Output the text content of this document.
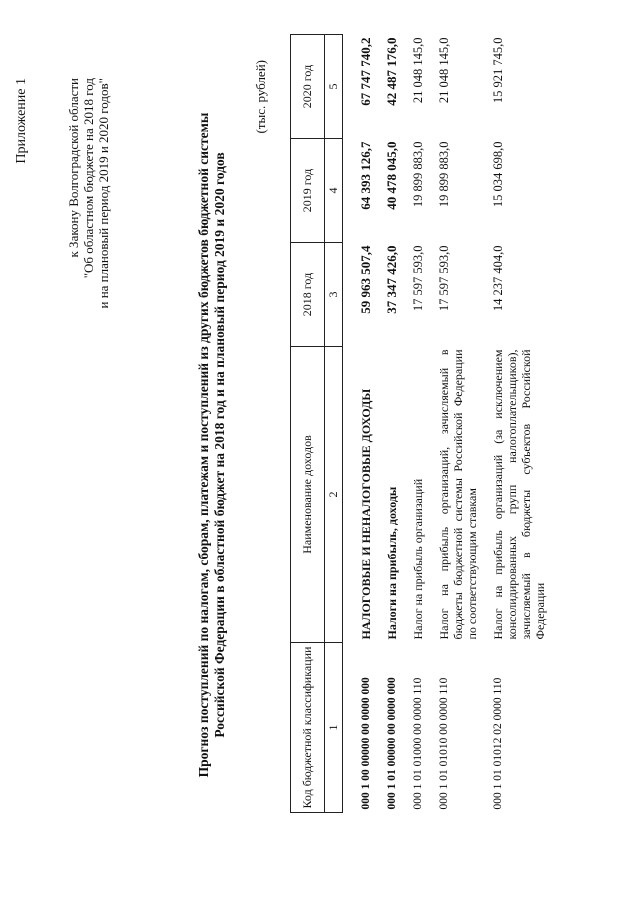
Приложение 1	к Закону Волгоградской области "Об областном бюджете на 2018 год и на плановый период 2019 и 2020 годов"	Прогноз поступлений по налогам, сборам, платежам и поступлений из других бюджетов бюджетной системы Российской Федерации в областной бюджет на 2018 год и на плановый период 2019 и 2020 годов
(тыс. рублей)
Код бюджетной классификации	Наименование доходов	2018 год	2019 год	2020 год
1	2	3	4	5

000 1 00 00000 00 0000 000	НАЛОГОВЫЕ И НЕНАЛОГОВЫЕ ДОХОДЫ	59 963 507,4	64 393 126,7	67 747 740,2
000 1 01 00000 00 0000 000	Налоги на прибыль, доходы	37 347 426,0	40 478 045,0	42 487 176,0
000 1 01 01000 00 0000 110	Налог на прибыль организаций	17 597 593,0	19 899 883,0	21 048 145,0
000 1 01 01010 00 0000 110	Налог на прибыль организаций, зачисляемый в бюджеты бюджетной системы Российской Федерации по соответствующим ставкам	17 597 593,0	19 899 883,0	21 048 145,0
000 1 01 01012 02 0000 110	Налог на прибыль организаций (за исключением консолидированных групп налогоплательщиков), зачисляемый в бюджеты субъектов Российской Федерации	14 237 404,0	15 034 698,0	15 921 745,0
